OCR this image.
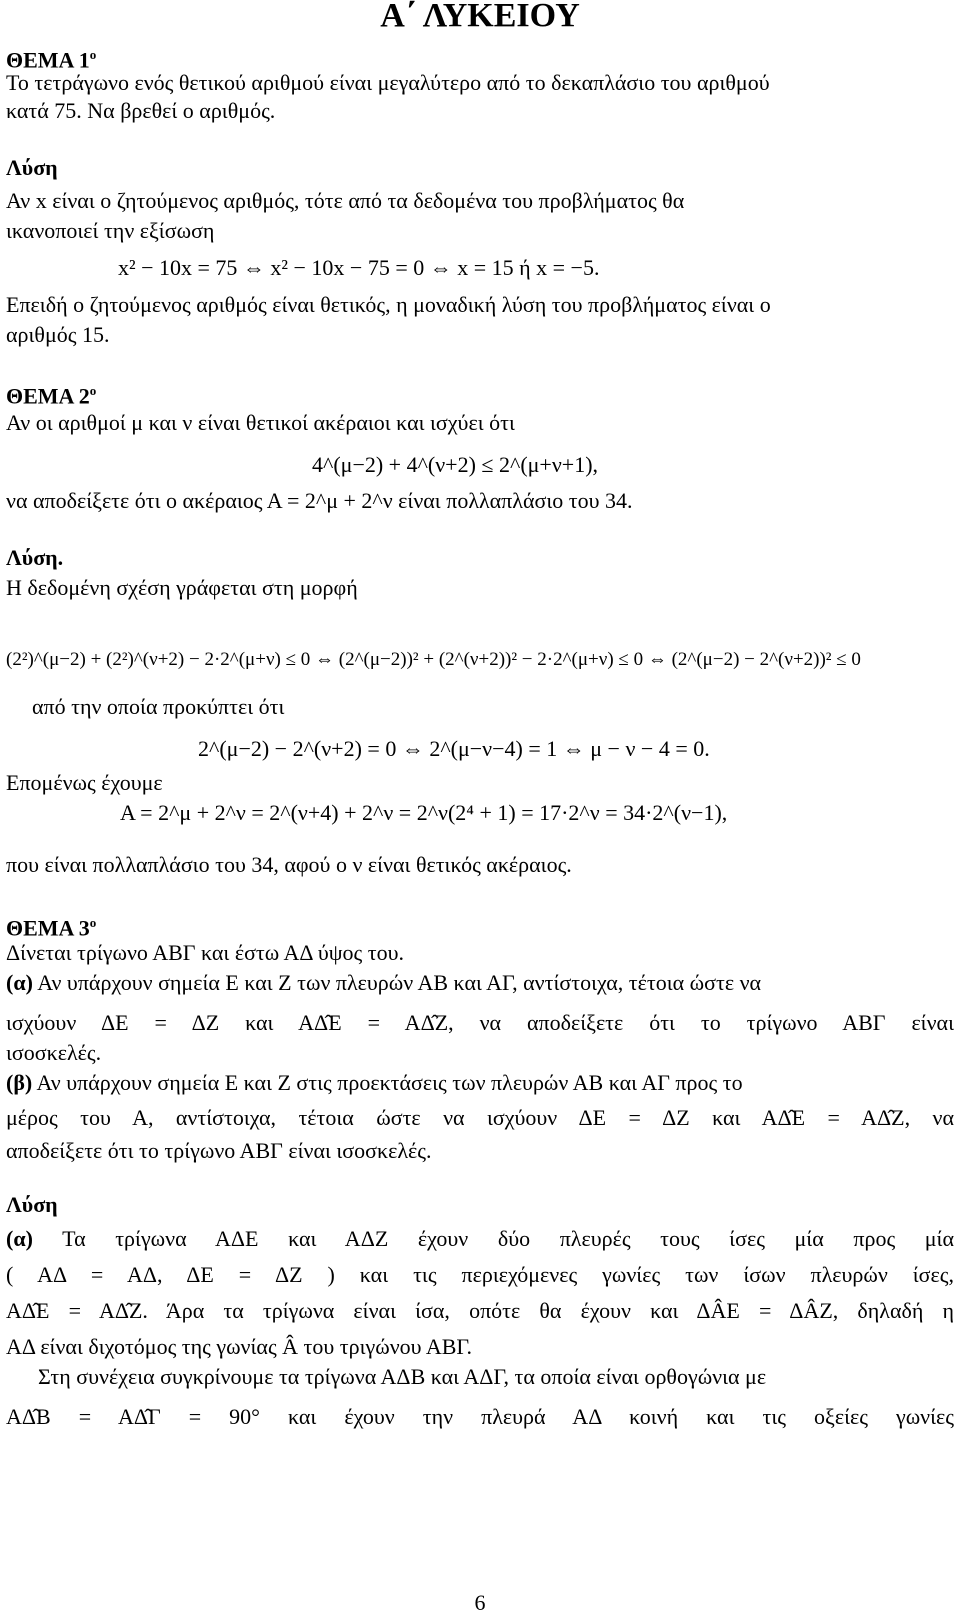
Α΄ ΛΥΚΕΙΟΥ
ΘΕΜΑ $1^o$
Το τετράγωνο ενός θετικού αριθμού είναι μεγαλύτερο από το δεκαπλάσιο του αριθμού
κατά 75. Να βρεθεί ο αριθμός.
Λύση
Αν x είναι ο ζητούμενος αριθμός, τότε από τα δεδομένα του προβλήματος θα
ικανοποιεί την εξίσωση
x² − 10x = 75 ⇔ x² − 10x − 75 = 0 ⇔ x = 15 ή x = −5.
Επειδή ο ζητούμενος αριθμός είναι θετικός, η μοναδική λύση του προβλήματος είναι ο
αριθμός 15.
ΘΕΜΑ $2^o$
Αν οι αριθμοί μ και ν είναι θετικοί ακέραιοι και ισχύει ότι
4^(μ−2) + 4^(ν+2) ≤ 2^(μ+ν+1),
να αποδείξετε ότι ο ακέραιος Α = 2^μ + 2^ν είναι πολλαπλάσιο του 34.
Λύση.
Η δεδομένη σχέση γράφεται στη μορφή
(2²)^(μ−2) + (2²)^(ν+2) − 2·2^(μ+ν) ≤ 0 ⇔ (2^(μ−2))² + (2^(ν+2))² − 2·2^(μ+ν) ≤ 0 ⇔ (2^(μ−2) − 2^(ν+2))² ≤ 0
από την οποία προκύπτει ότι
2^(μ−2) − 2^(ν+2) = 0 ⇔ 2^(μ−ν−4) = 1 ⇔ μ − ν − 4 = 0.
Επομένως έχουμε
Α = 2^μ + 2^ν = 2^(ν+4) + 2^ν = 2^ν(2⁴ + 1) = 17·2^ν = 34·2^(ν−1),
που είναι πολλαπλάσιο του 34, αφού ο ν είναι θετικός ακέραιος.
ΘΕΜΑ $3^o$
Δίνεται τρίγωνο ΑΒΓ και έστω ΑΔ ύψος του.
(α) Αν υπάρχουν σημεία Ε και Ζ των πλευρών ΑΒ και ΑΓ, αντίστοιχα, τέτοια ώστε να
ισχύουν ΔΕ = ΔΖ και ΑΔ̂Ε = ΑΔ̂Ζ, να αποδείξετε ότι το τρίγωνο ΑΒΓ είναι
ισοσκελές.
(β) Αν υπάρχουν σημεία Ε και Ζ στις προεκτάσεις των πλευρών ΑΒ και ΑΓ προς το
μέρος του Α, αντίστοιχα, τέτοια ώστε να ισχύουν ΔΕ = ΔΖ και ΑΔ̂Ε = ΑΔ̂Ζ, να
αποδείξετε ότι το τρίγωνο ΑΒΓ είναι ισοσκελές.
Λύση
(α) Τα τρίγωνα ΑΔΕ και ΑΔΖ έχουν δύο πλευρές τους ίσες μία προς μία
( ΑΔ = ΑΔ, ΔΕ = ΔΖ ) και τις περιεχόμενες γωνίες των ίσων πλευρών ίσες,
ΑΔ̂Ε = ΑΔ̂Ζ. Άρα τα τρίγωνα είναι ίσα, οπότε θα έχουν και ΔÂΕ = ΔÂΖ, δηλαδή η
ΑΔ είναι διχοτόμος της γωνίας Â του τριγώνου ΑΒΓ.
Στη συνέχεια συγκρίνουμε τα τρίγωνα ΑΔΒ και ΑΔΓ, τα οποία είναι ορθογώνια με
ΑΔ̂Β = ΑΔ̂Γ = 90° και έχουν την πλευρά ΑΔ κοινή και τις οξείες γωνίες
6
